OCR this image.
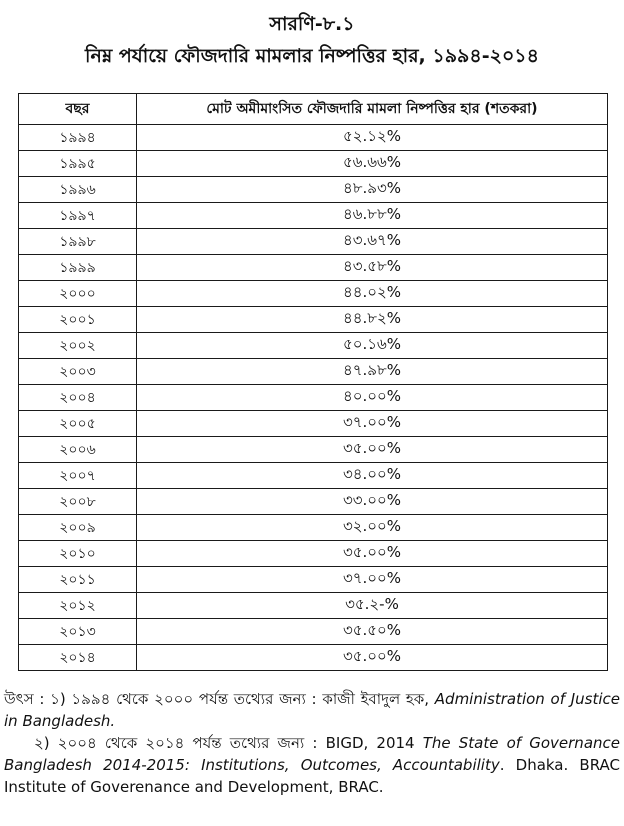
সারণি-৮.১
নিম্ন পর্যায়ে ফৌজদারি মামলার নিষ্পত্তির হার, ১৯৯৪-২০১৪
বছর	মোট অমীমাংসিত ফৌজদারি মামলা নিষ্পত্তির হার (শতকরা)
১৯৯৪	৫২.১২%
১৯৯৫	৫৬.৬৬%
১৯৯৬	৪৮.৯৩%
১৯৯৭	৪৬.৮৮%
১৯৯৮	৪৩.৬৭%
১৯৯৯	৪৩.৫৮%
২০০০	৪৪.০২%
২০০১	৪৪.৮২%
২০০২	৫০.১৬%
২০০৩	৪৭.৯৮%
২০০৪	৪০.০০%
২০০৫	৩৭.০০%
২০০৬	৩৫.০০%
২০০৭	৩৪.০০%
২০০৮	৩৩.০০%
২০০৯	৩২.০০%
২০১০	৩৫.০০%
২০১১	৩৭.০০%
২০১২	৩৫.২-%
২০১৩	৩৫.৫০%
২০১৪	৩৫.০০%

উৎস : ১) ১৯৯৪ থেকে ২০০০ পর্যন্ত তথ্যের জন্য : কাজী ইবাদুল হক, Administration of Justice in Bangladesh.

২) ২০০৪ থেকে ২০১৪ পর্যন্ত তথ্যের জন্য : BIGD, 2014 The State of Governance Bangladesh 2014-2015: Institutions, Outcomes, Accountability. Dhaka. BRAC Institute of Goverenance and Development, BRAC.
